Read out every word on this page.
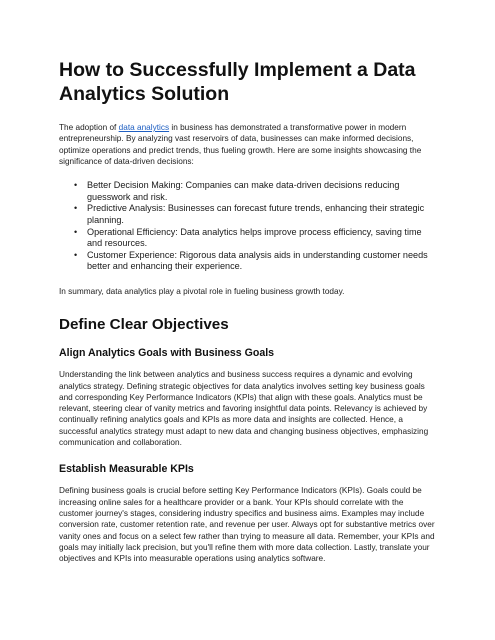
How to Successfully Implement a Data Analytics Solution

The adoption of data analytics in business has demonstrated a transformative power in modern entrepreneurship. By analyzing vast reservoirs of data, businesses can make informed decisions, optimize operations and predict trends, thus fueling growth. Here are some insights showcasing the significance of data-driven decisions:

• Better Decision Making: Companies can make data-driven decisions reducing guesswork and risk.
• Predictive Analysis: Businesses can forecast future trends, enhancing their strategic planning.
• Operational Efficiency: Data analytics helps improve process efficiency, saving time and resources.
• Customer Experience: Rigorous data analysis aids in understanding customer needs better and enhancing their experience.

In summary, data analytics play a pivotal role in fueling business growth today.

Define Clear Objectives
Align Analytics Goals with Business Goals

Understanding the link between analytics and business success requires a dynamic and evolving analytics strategy. Defining strategic objectives for data analytics involves setting key business goals and corresponding Key Performance Indicators (KPIs) that align with these goals. Analytics must be relevant, steering clear of vanity metrics and favoring insightful data points. Relevancy is achieved by continually refining analytics goals and KPIs as more data and insights are collected. Hence, a successful analytics strategy must adapt to new data and changing business objectives, emphasizing communication and collaboration.

Establish Measurable KPIs

Defining business goals is crucial before setting Key Performance Indicators (KPIs). Goals could be increasing online sales for a healthcare provider or a bank. Your KPIs should correlate with the customer journey's stages, considering industry specifics and business aims. Examples may include conversion rate, customer retention rate, and revenue per user. Always opt for substantive metrics over vanity ones and focus on a select few rather than trying to measure all data. Remember, your KPIs and goals may initially lack precision, but you'll refine them with more data collection. Lastly, translate your objectives and KPIs into measurable operations using analytics software.
